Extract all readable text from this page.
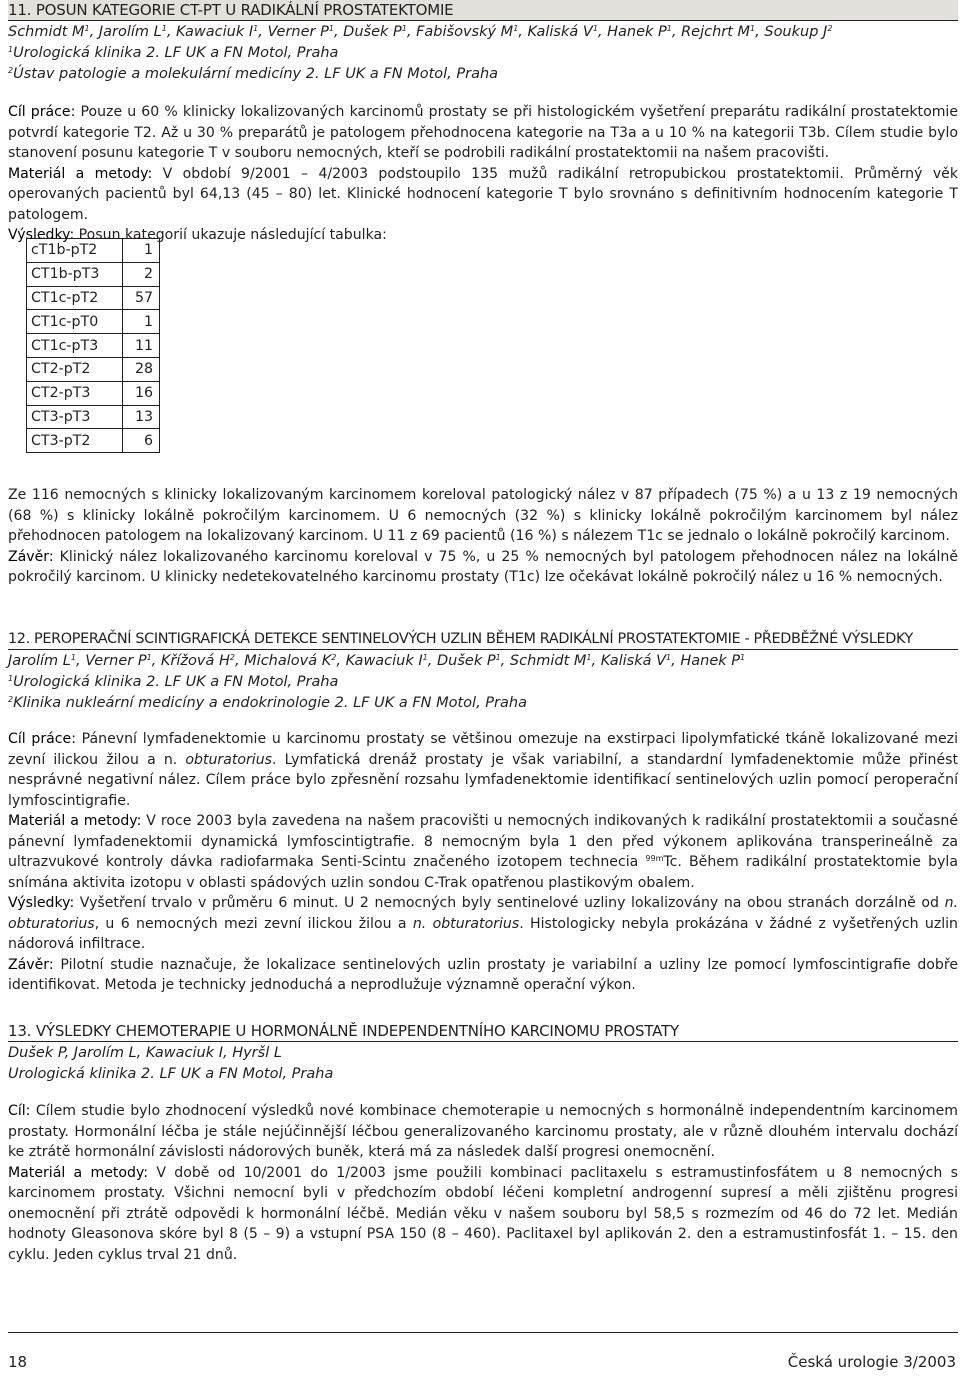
11. POSUN KATEGORIE CT-PT U RADIKÁLNÍ PROSTATEKTOMIE
Schmidt $M^1$, Jarolím $L^1$, Kawaciuk $I^1$, Verner $P^1$, Dušek $P^1$, Fabišovský $M^1$, Kaliská $V^1$, Hanek $P^1$, Rejchrt $M^1$, Soukup $J^2$
$^1$Urologická klinika 2. LF UK a FN Motol, Praha
$^2$Ústav patologie a molekulární medicíny 2. LF UK a FN Motol, Praha

Cíl práce: Pouze u 60 % klinicky lokalizovaných karcinomů prostaty se při histologickém vyšetření preparátu radikální prostatektomie potvrdí kategorie T2. Až u 30 % preparátů je patologem přehodnocena kategorie na T3a a u 10 % na kategorii T3b. Cílem studie bylo stanovení posunu kategorie T v souboru nemocných, kteří se podrobili radikální prostatektomii na našem pracovišti.

Materiál a metody: V období 9/2001 – 4/2003 podstoupilo 135 mužů radikální retropubickou prostatektomii. Průměrný věk operovaných pacientů byl 64,13 (45 – 80) let. Klinické hodnocení kategorie T bylo srovnáno s definitivním hodnocením kategorie T patologem.

Výsledky: Posun kategorií ukazuje následující tabulka:

cT1b-pT2	1
CT1b-pT3	2
CT1c-pT2	57
CT1c-pT0	1
CT1c-pT3	11
CT2-pT2	28
CT2-pT3	16
CT3-pT3	13
CT3-pT2	6

Ze 116 nemocných s klinicky lokalizovaným karcinomem koreloval patologický nález v 87 případech (75 %) a u 13 z 19 nemocných (68 %) s klinicky lokálně pokročilým karcinomem. U 6 nemocných (32 %) s klinicky lokálně pokročilým karcinomem byl nález přehodnocen patologem na lokalizovaný karcinom. U 11 z 69 pacientů (16 %) s nálezem T1c se jednalo o lokálně pokročilý karcinom.

Závěr: Klinický nález lokalizovaného karcinomu koreloval v 75 %, u 25 % nemocných byl patologem přehodnocen nález na lokálně pokročilý karcinom. U klinicky nedetekovatelného karcinomu prostaty (T1c) lze očekávat lokálně pokročilý nález u 16 % nemocných.

12. PEROPERAČNÍ SCINTIGRAFICKÁ DETEKCE SENTINELOVÝCH UZLIN BĚHEM RADIKÁLNÍ PROSTATEKTOMIE - PŘEDBĚŽNÉ VÝSLEDKY
Jarolím $L^1$, Verner $P^1$, Křížová $H^2$, Michalová $K^2$, Kawaciuk $I^1$, Dušek $P^1$, Schmidt $M^1$, Kaliská $V^1$, Hanek $P^1$
$^1$Urologická klinika 2. LF UK a FN Motol, Praha
$^2$Klinika nukleární medicíny a endokrinologie 2. LF UK a FN Motol, Praha

Cíl práce: Pánevní lymfadenektomie u karcinomu prostaty se většinou omezuje na exstirpaci lipolymfatické tkáně lokalizované mezi zevní ilickou žilou a n. obturatorius. Lymfatická drenáž prostaty je však variabilní, a standardní lymfadenektomie může přinést nesprávné negativní nález. Cílem práce bylo zpřesnění rozsahu lymfadenektomie identifikací sentinelových uzlin pomocí peroperační lymfoscintigrafie.

Materiál a metody: V roce 2003 byla zavedena na našem pracovišti u nemocných indikovaných k radikální prostatektomii a současné pánevní lymfadenektomii dynamická lymfoscintigtrafie. 8 nemocným byla 1 den před výkonem aplikována transperineálně za ultrazvukové kontroly dávka radiofarmaka Senti-Scintu značeného izotopem technecia $^{99m}$Tc. Během radikální prostatektomie byla snímána aktivita izotopu v oblasti spádových uzlin sondou C-Trak opatřenou plastikovým obalem.

Výsledky: Vyšetření trvalo v průměru 6 minut. U 2 nemocných byly sentinelové uzliny lokalizovány na obou stranách dorzálně od n. obturatorius, u 6 nemocných mezi zevní ilickou žilou a n. obturatorius. Histologicky nebyla prokázána v žádné z vyšetřených uzlin nádorová infiltrace.

Závěr: Pilotní studie naznačuje, že lokalizace sentinelových uzlin prostaty je variabilní a uzliny lze pomocí lymfoscintigrafie dobře identifikovat. Metoda je technicky jednoduchá a neprodlužuje významně operační výkon.

13. VÝSLEDKY CHEMOTERAPIE U HORMONÁLNĚ INDEPENDENTNÍHO KARCINOMU PROSTATY
Dušek P, Jarolím L, Kawaciuk I, Hyršl L
Urologická klinika 2. LF UK a FN Motol, Praha

Cíl: Cílem studie bylo zhodnocení výsledků nové kombinace chemoterapie u nemocných s hormonálně independentním karcinomem prostaty. Hormonální léčba je stále nejúčinnější léčbou generalizovaného karcinomu prostaty, ale v různě dlouhém intervalu dochází ke ztrátě hormonální závislosti nádorových buněk, která má za následek další progresi onemocnění.

Materiál a metody: V době od 10/2001 do 1/2003 jsme použili kombinaci paclitaxelu s estramustinfosfátem u 8 nemocných s karcinomem prostaty. Všichni nemocní byli v předchozím období léčeni kompletní androgenní supresí a měli zjištěnu progresi onemocnění při ztrátě odpovědi k hormonální léčbě. Medián věku v našem souboru byl 58,5 s rozmezím od 46 do 72 let. Medián hodnoty Gleasonova skóre byl 8 (5 – 9) a vstupní PSA 150 (8 – 460). Paclitaxel byl aplikován 2. den a estramustinfosfát 1. – 15. den cyklu. Jeden cyklus trval 21 dnů.

18	Česká urologie 3/2003
